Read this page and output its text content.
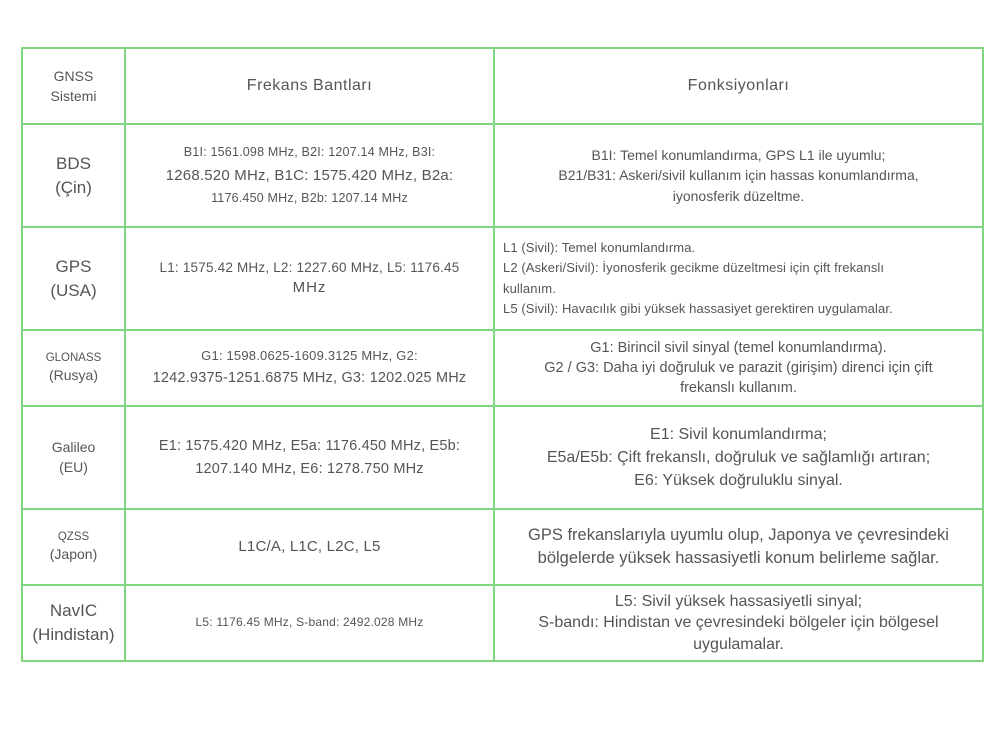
GNSS
Sistemi	Frekans Bantları	Fonksiyonları

BDS
(Çin)	B1I: 1561.098 MHz, B2I: 1207.14 MHz, B3I:
1268.520 MHz, B1C: 1575.420 MHz, B2a:
1176.450 MHz, B2b: 1207.14 MHz	B1I: Temel konumlandırma, GPS L1 ile uyumlu;
B21/B31: Askeri/sivil kullanım için hassas konumlandırma,
iyonosferik düzeltme.

GPS
(USA)	L1: 1575.42 MHz, L2: 1227.60 MHz, L5: 1176.45
MHz	L1 (Sivil): Temel konumlandırma.
L2 (Askeri/Sivil): İyonosferik gecikme düzeltmesi için çift frekanslı
kullanım.
L5 (Sivil): Havacılık gibi yüksek hassasiyet gerektiren uygulamalar.

GLONASS
(Rusya)	G1: 1598.0625-1609.3125 MHz, G2:
1242.9375-1251.6875 MHz, G3: 1202.025 MHz	G1: Birincil sivil sinyal (temel konumlandırma).
G2 / G3: Daha iyi doğruluk ve parazit (girişim) direnci için çift
frekanslı kullanım.

Galileo
(EU)	E1: 1575.420 MHz, E5a: 1176.450 MHz, E5b:
1207.140 MHz, E6: 1278.750 MHz	E1: Sivil konumlandırma;
E5a/E5b: Çift frekanslı, doğruluk ve sağlamlığı artıran;
E6: Yüksek doğruluklu sinyal.

QZSS
(Japon)	L1C/A, L1C, L2C, L5	GPS frekanslarıyla uyumlu olup, Japonya ve çevresindeki
bölgelerde yüksek hassasiyetli konum belirleme sağlar.

NavIC
(Hindistan)	L5: 1176.45 MHz, S-band: 2492.028 MHz	L5: Sivil yüksek hassasiyetli sinyal;
S-bandı: Hindistan ve çevresindeki bölgeler için bölgesel
uygulamalar.
